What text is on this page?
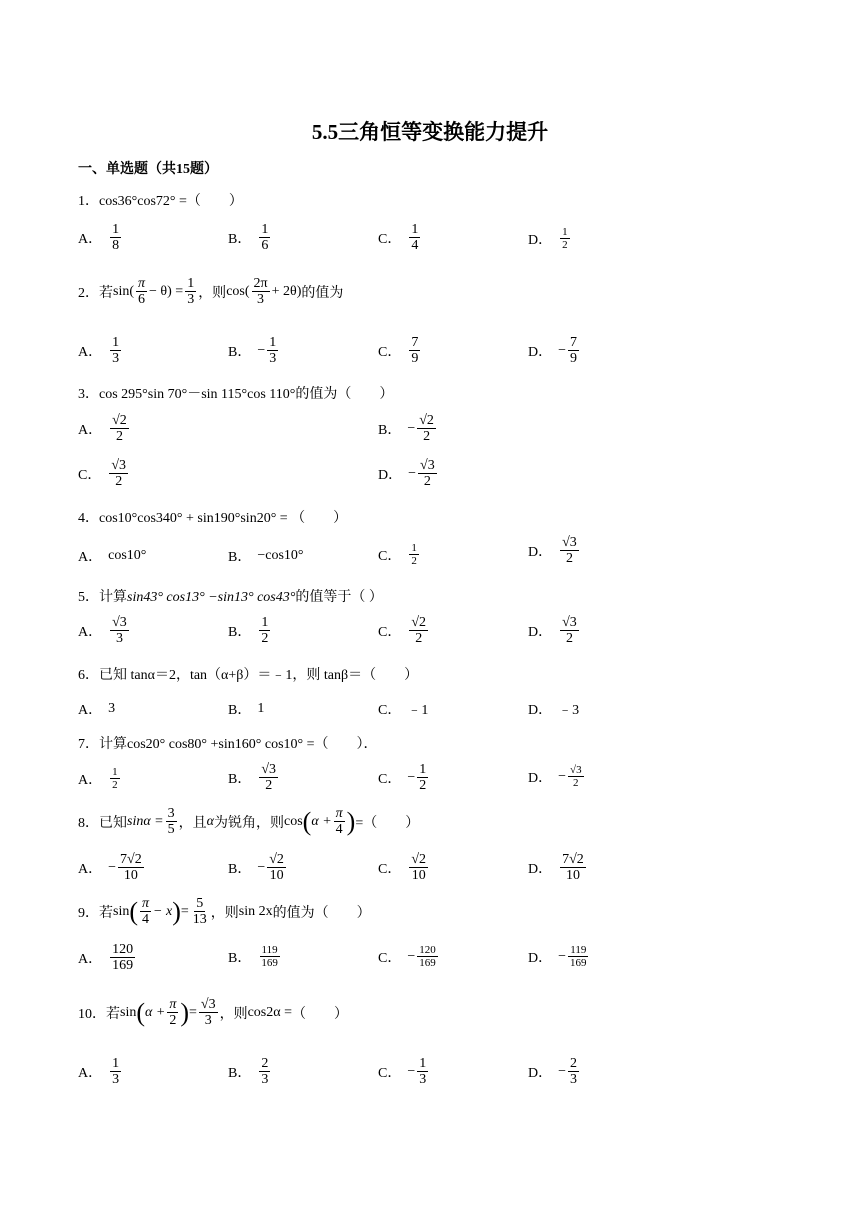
5.5三角恒等变换能力提升
一、单选题（共15题）
1．cos36°cos72° =（　　）
A． $\frac{1}{8}$	B． $\frac{1}{6}$	C． $\frac{1}{4}$	D． $\frac{1}{2}$
2． 若 $\sin( \frac{\pi}{6} - \theta) = \frac{1}{3}$ ，则 $\cos( \frac{2\pi}{3} + 2\theta)$ 的值为
A． $\frac{1}{3}$	B． − $\frac{1}{3}$	C． $\frac{7}{9}$	D． − $\frac{7}{9}$
3．cos 295°sin 70°－sin 115°cos 110°的值为（　　）
A． $\frac{√2}{2}$	B． − $\frac{√2}{2}$
C． $\frac{√3}{2}$	D． − $\frac{√3}{2}$
4．cos10°cos340° + sin190°sin20° = （　　）
A． cos10°	B． −cos10°	C． $\frac{1}{2}$	D． $\frac{√3}{2}$
5．计算sin43° cos13° −sin13° cos43°的值等于（ ）
A． $\frac{√3}{3}$	B． $\frac{1}{2}$	C． $\frac{√2}{2}$	D． $\frac{√3}{2}$
6．已知 tanα＝2，tan（α+β）＝﹣1，则 tanβ＝（　　）
A． 3	B． 1	C． ﹣1	D． ﹣3
7．计算cos20° cos80° +sin160° cos10° =（　　）．
A． $\frac{1}{2}$	B． $\frac{√3}{2}$	C． − $\frac{1}{2}$	D． − $\frac{√3}{2}$
8． 已知 $\sin\alpha = \frac{3}{5}$ ，且 α 为锐角，则 cos ( $\alpha + \frac{\pi}{4}$ ) =（　　）
A． − $\frac{7√2}{10}$	B． − $\frac{√2}{10}$	C． $\frac{√2}{10}$	D． $\frac{7√2}{10}$
9． 若 sin ( $\frac{\pi}{4} - x$ ) = $\frac{5}{13}$ ，则 sin 2x 的值为（　　）
A． $\frac{120}{169}$	B． $\frac{119}{169}$	C． − $\frac{120}{169}$	D． − $\frac{119}{169}$
10． 若 sin ( $\alpha + \frac{\pi}{2}$ ) = $\frac{√3}{3}$ ，则 cos2α = （　　）
A． $\frac{1}{3}$	B． $\frac{2}{3}$	C． − $\frac{1}{3}$	D． − $\frac{2}{3}$
